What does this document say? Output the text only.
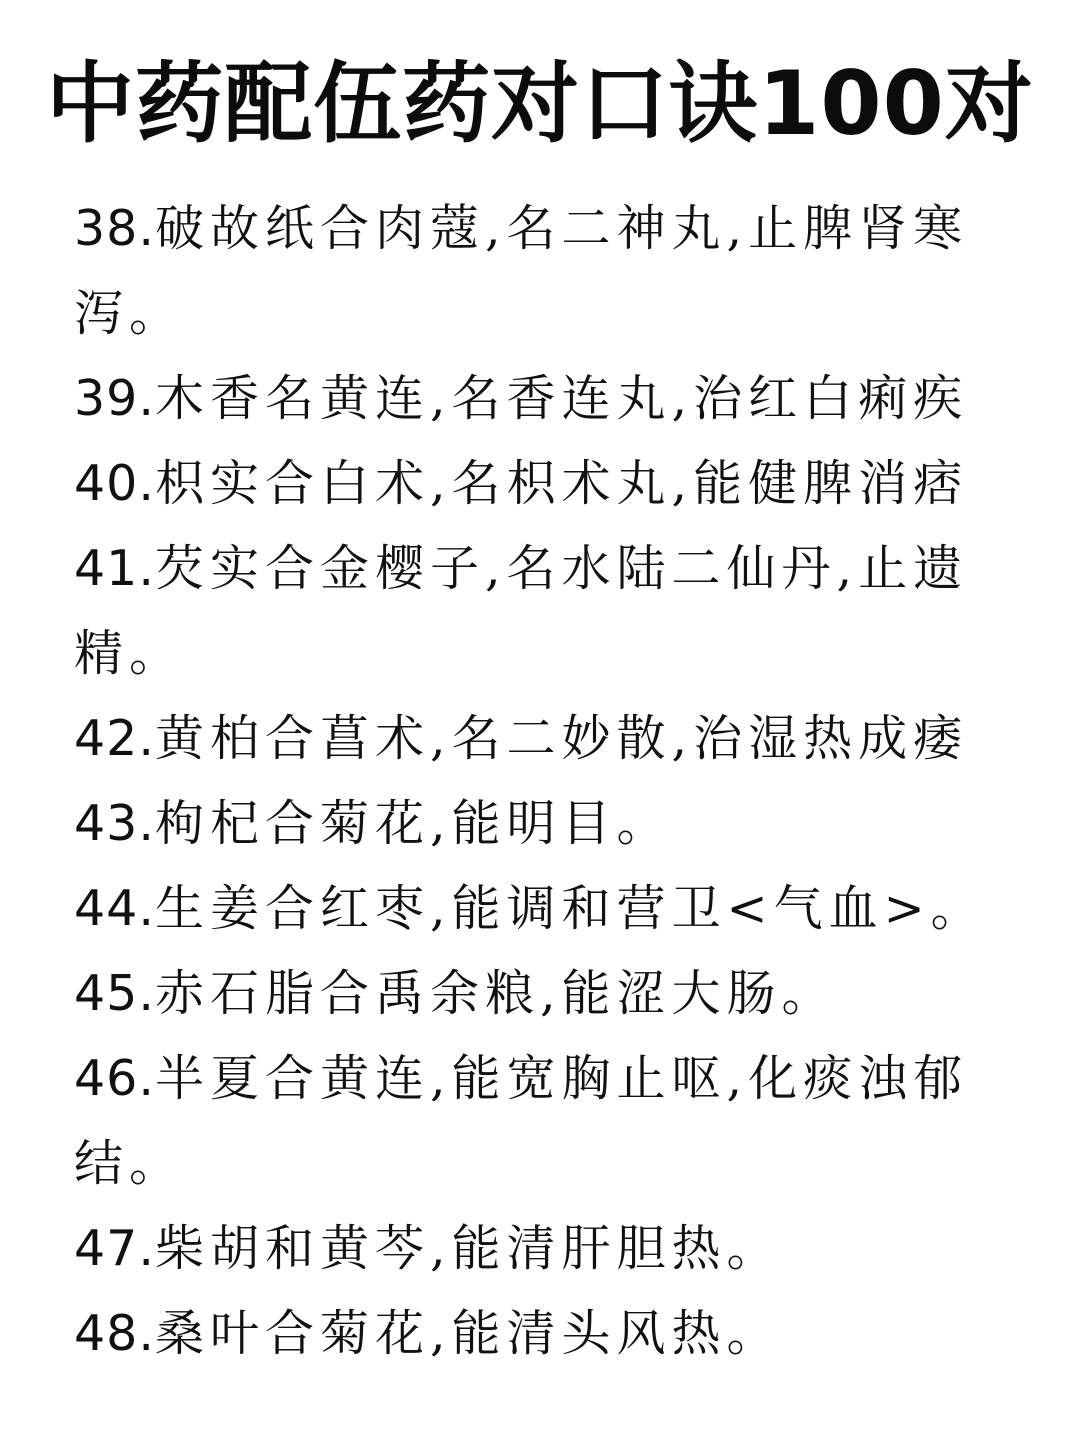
中药配伍药对口诀100对
38.破故纸合肉蔻,名二神丸,止脾肾寒泻。
39.木香名黄连,名香连丸,治红白痢疾
40.枳实合白术,名枳术丸,能健脾消痞
41.芡实合金樱子,名水陆二仙丹,止遗精。
42.黄柏合菖术,名二妙散,治湿热成痿
43.枸杞合菊花,能明目。
44.生姜合红枣,能调和营卫<气血>。
45.赤石脂合禹余粮,能涩大肠。
46.半夏合黄连,能宽胸止呕,化痰浊郁结。
47.柴胡和黄芩,能清肝胆热。
48.桑叶合菊花,能清头风热。
